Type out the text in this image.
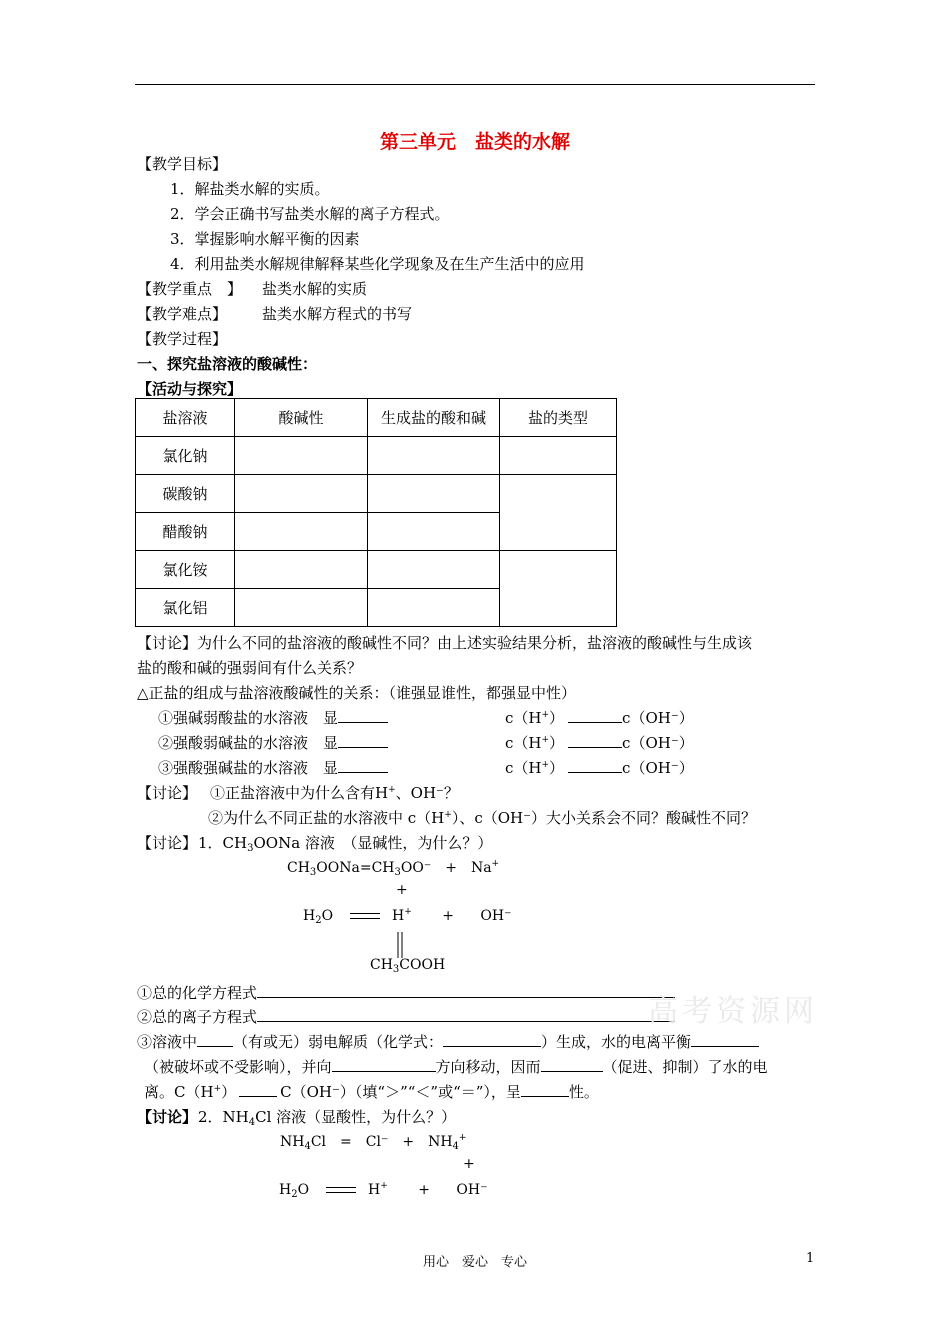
第三单元　盐类的水解
【教学目标】
1．解盐类水解的实质。
2．学会正确书写盐类水解的离子方程式。
3．掌握影响水解平衡的因素
4．利用盐类水解规律解释某些化学现象及在生产生活中的应用
【教学重点　】 盐类水解的实质
【教学难点】 盐类水解方程式的书写
【教学过程】
一、探究盐溶液的酸碱性：
【活动与探究】
盐溶液	酸碱性	生成盐的酸和碱	盐的类型
氯化钠			
碳酸钠			
醋酸钠			
氯化铵			
氯化铝			
【讨论】为什么不同的盐溶液的酸碱性不同？由上述实验结果分析，盐溶液的酸碱性与生成该
盐的酸和碱的强弱间有什么关系？
△正盐的组成与盐溶液酸碱性的关系：（谁强显谁性，都强显中性）
①强碱弱酸盐的水溶液　 显	c（H+）	c（OH⁻）
②强酸弱碱盐的水溶液　 显	c（H+）	c（OH⁻）
③强酸强碱盐的水溶液　 显	c（H+）	c（OH⁻）
【讨论】 ①正盐溶液中为什么含有H+、OH⁻？
②为什么不同正盐的水溶液中 c（H+）、c（OH⁻）大小关系会不同？酸碱性不同？
【讨论】 1．$CH_3OONa$ 溶液　（显碱性，为什么？）
$CH_3OONa=CH_3OO^-$　+　Na+
+
$H_2O$	H+ + OH⁻
$CH_3COOH$
①总的化学方程式
②总的离子方程式
③溶液中 （有或无）弱电解质（化学式：	）生成，水的电离平衡
（被破坏或不受影响），并向	方向移动，因而	（促进、抑制）了水的电
离。C（H+）	C（OH⁻）（填“＞”“＜”或“＝”），呈	性。
【讨论】 2．$NH_4Cl$ 溶液（显酸性，为什么？）
$NH_4Cl$　=　Cl⁻　+　$NH_4^+$
+
$H_2O$	H+ + OH⁻
高考资源网
用心　爱心　专心	1
